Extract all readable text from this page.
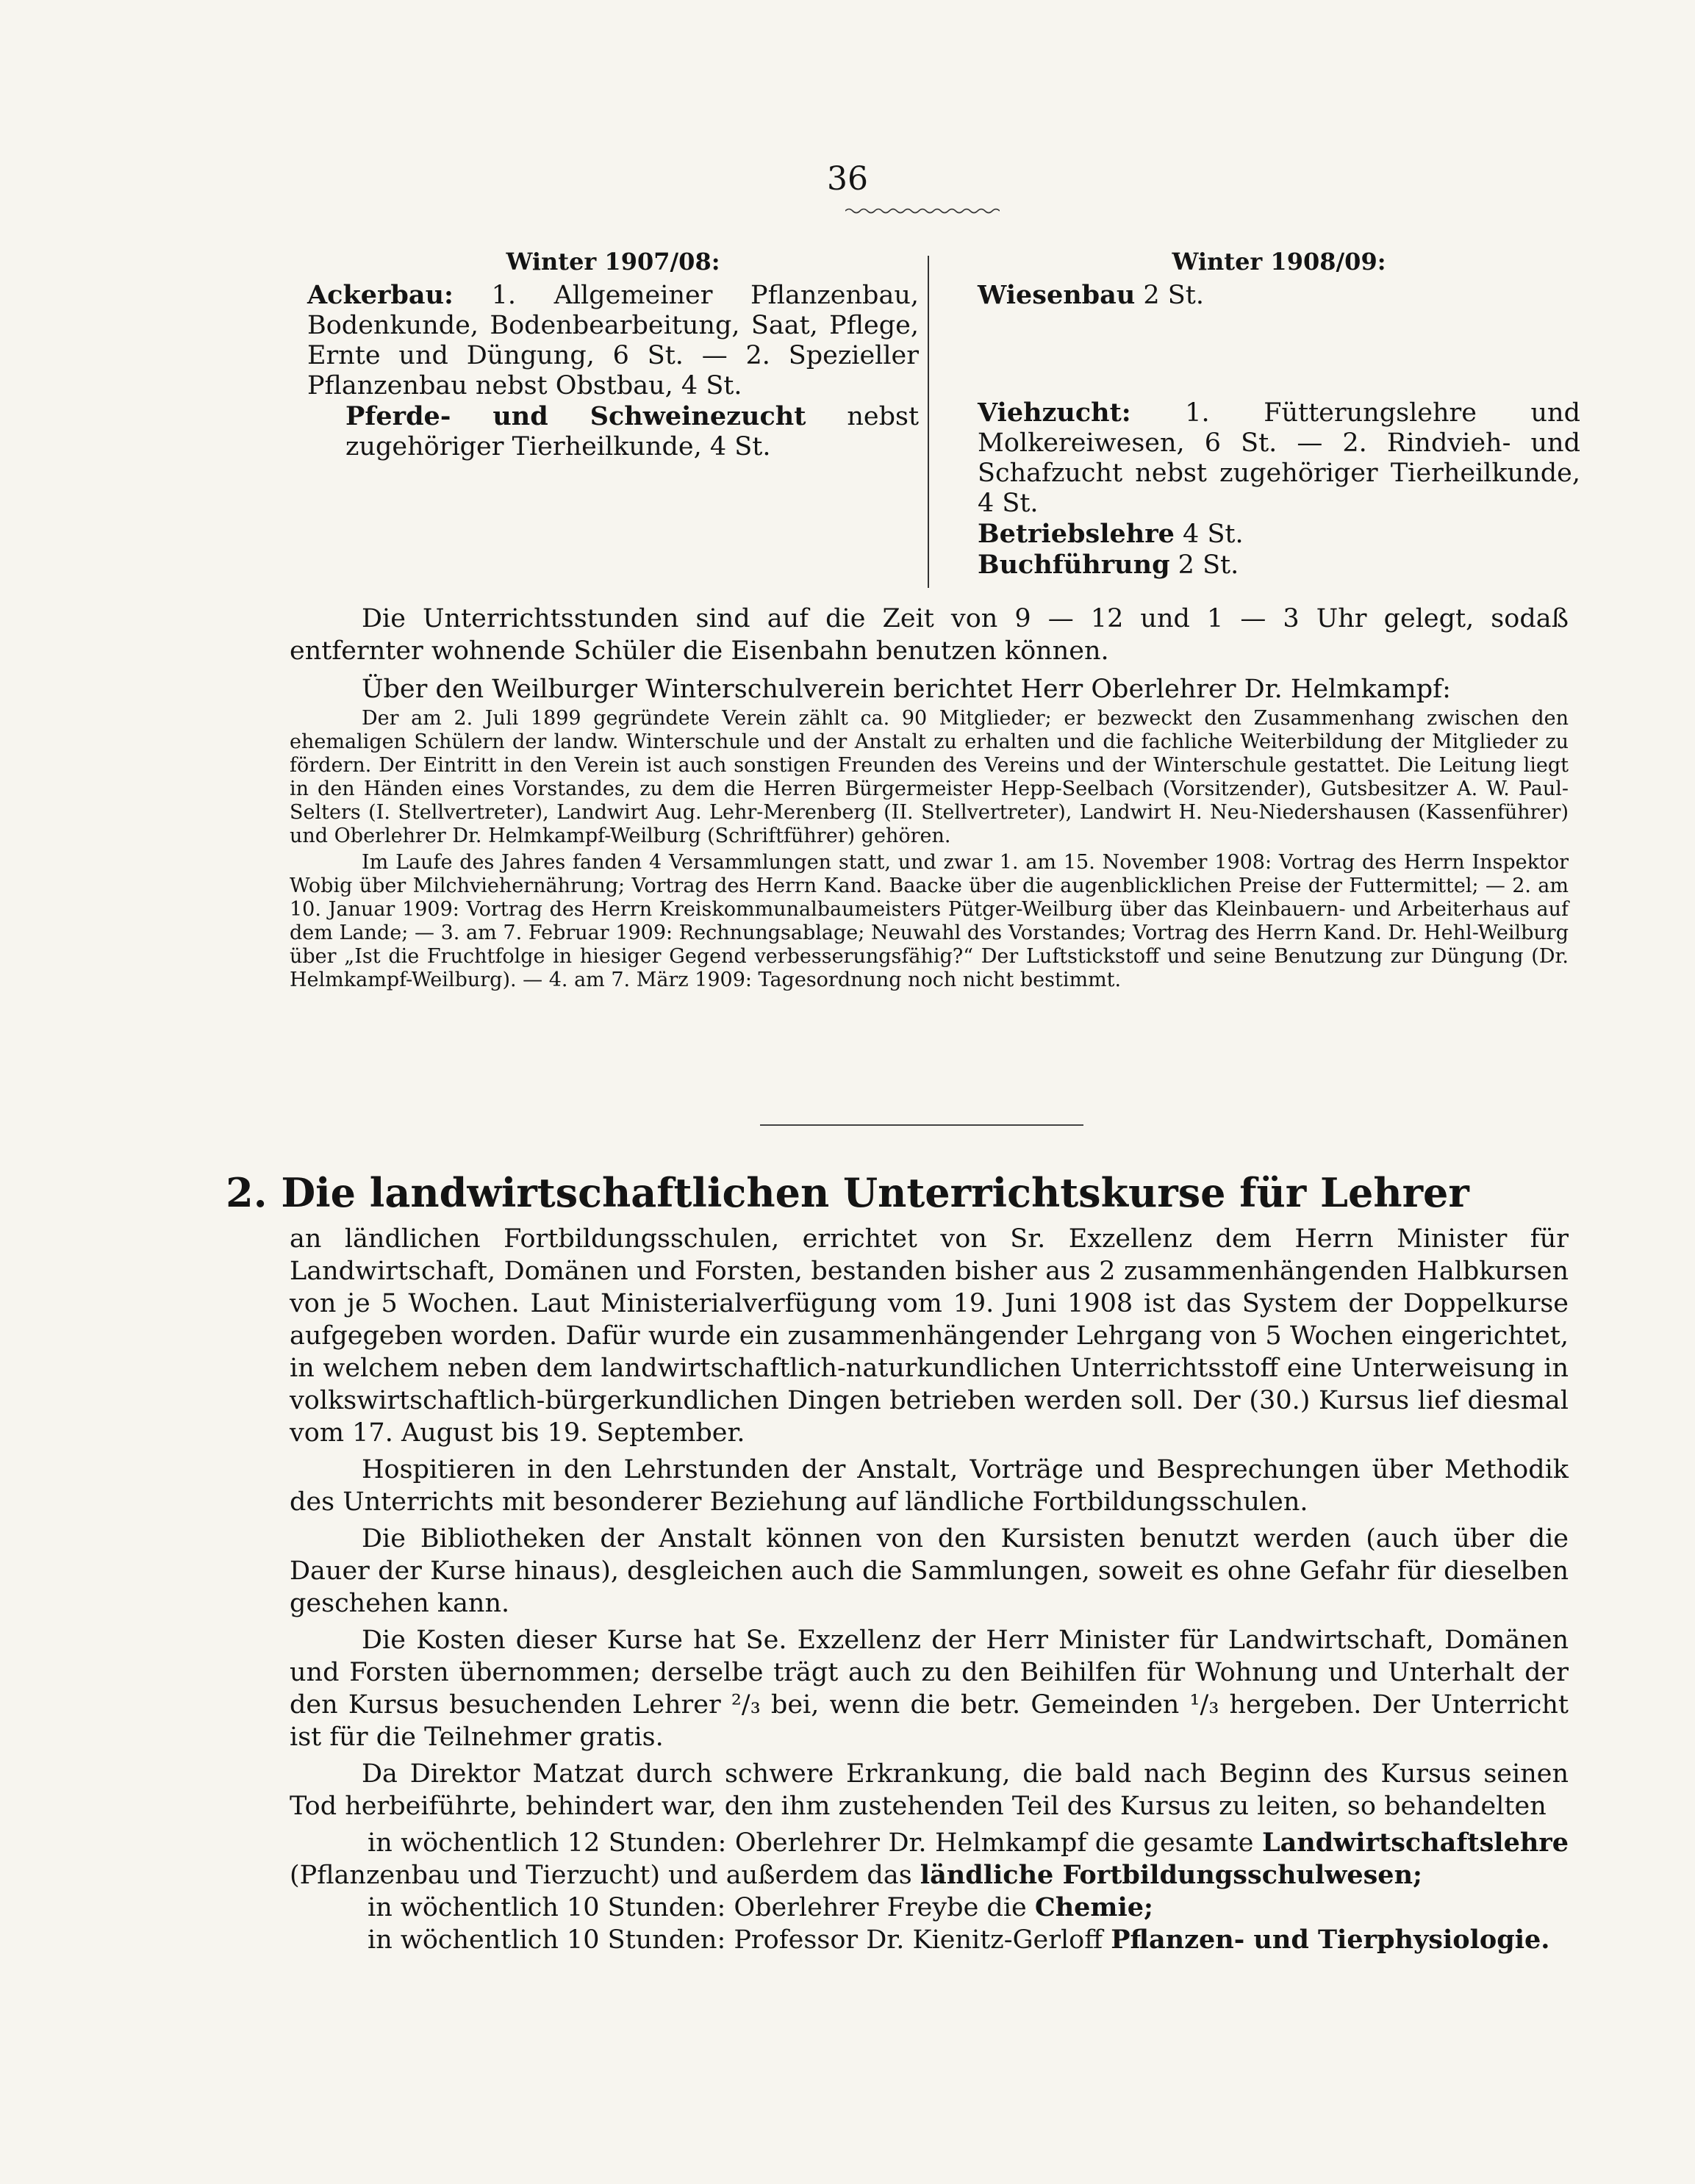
36
Winter 1907/08:

Ackerbau: 1. Allgemeiner Pflanzenbau, Bodenkunde, Bodenbearbeitung, Saat, Pflege, Ernte und Düngung, 6 St. — 2. Spezieller Pflanzenbau nebst Obstbau, 4 St.

Pferde- und Schweinezucht nebst zugehöriger Tierheilkunde, 4 St.

Winter 1908/09:

Wiesenbau 2 St.

Viehzucht: 1. Fütterungslehre und Molkereiwesen, 6 St. — 2. Rindvieh- und Schafzucht nebst zugehöriger Tierheilkunde, 4 St.

Betriebslehre 4 St.

Buchführung 2 St.

Die Unterrichtsstunden sind auf die Zeit von 9 — 12 und 1 — 3 Uhr gelegt, sodaß entfernter wohnende Schüler die Eisenbahn benutzen können.

Über den Weilburger Winterschulverein berichtet Herr Oberlehrer Dr. Helmkampf:

Der am 2. Juli 1899 gegründete Verein zählt ca. 90 Mitglieder; er bezweckt den Zusammenhang zwischen den ehemaligen Schülern der landw. Winterschule und der Anstalt zu erhalten und die fachliche Weiterbildung der Mitglieder zu fördern. Der Eintritt in den Verein ist auch sonstigen Freunden des Vereins und der Winterschule gestattet. Die Leitung liegt in den Händen eines Vorstandes, zu dem die Herren Bürgermeister Hepp-Seelbach (Vorsitzender), Gutsbesitzer A. W. Paul-Selters (I. Stellvertreter), Landwirt Aug. Lehr-Merenberg (II. Stellvertreter), Landwirt H. Neu-Niedershausen (Kassenführer) und Oberlehrer Dr. Helmkampf-Weilburg (Schriftführer) gehören.

Im Laufe des Jahres fanden 4 Versammlungen statt, und zwar 1. am 15. November 1908: Vortrag des Herrn Inspektor Wobig über Milchviehernährung; Vortrag des Herrn Kand. Baacke über die augenblicklichen Preise der Futtermittel; — 2. am 10. Januar 1909: Vortrag des Herrn Kreiskommunalbaumeisters Pütger-Weilburg über das Kleinbauern- und Arbeiterhaus auf dem Lande; — 3. am 7. Februar 1909: Rechnungsablage; Neuwahl des Vorstandes; Vortrag des Herrn Kand. Dr. Hehl-Weilburg über „Ist die Fruchtfolge in hiesiger Gegend verbesserungsfähig?“ Der Luftstickstoff und seine Benutzung zur Düngung (Dr. Helmkampf-Weilburg). — 4. am 7. März 1909: Tagesordnung noch nicht bestimmt.

2. Die landwirtschaftlichen Unterrichtskurse für Lehrer

an ländlichen Fortbildungsschulen, errichtet von Sr. Exzellenz dem Herrn Minister für Landwirtschaft, Domänen und Forsten, bestanden bisher aus 2 zusammenhängenden Halbkursen von je 5 Wochen. Laut Ministerialverfügung vom 19. Juni 1908 ist das System der Doppelkurse aufgegeben worden. Dafür wurde ein zusammenhängender Lehrgang von 5 Wochen eingerichtet, in welchem neben dem landwirtschaftlich-naturkundlichen Unterrichtsstoff eine Unterweisung in volkswirtschaftlich-bürgerkundlichen Dingen betrieben werden soll. Der (30.) Kursus lief diesmal vom 17. August bis 19. September.

Hospitieren in den Lehrstunden der Anstalt, Vorträge und Besprechungen über Methodik des Unterrichts mit besonderer Beziehung auf ländliche Fortbildungsschulen.

Die Bibliotheken der Anstalt können von den Kursisten benutzt werden (auch über die Dauer der Kurse hinaus), desgleichen auch die Sammlungen, soweit es ohne Gefahr für dieselben geschehen kann.

Die Kosten dieser Kurse hat Se. Exzellenz der Herr Minister für Landwirtschaft, Domänen und Forsten übernommen; derselbe trägt auch zu den Beihilfen für Wohnung und Unterhalt der den Kursus besuchenden Lehrer ²/₃ bei, wenn die betr. Gemeinden ¹/₃ hergeben. Der Unterricht ist für die Teilnehmer gratis.

Da Direktor Matzat durch schwere Erkrankung, die bald nach Beginn des Kursus seinen Tod herbeiführte, behindert war, den ihm zustehenden Teil des Kursus zu leiten, so behandelten

in wöchentlich 12 Stunden: Oberlehrer Dr. Helmkampf die gesamte Landwirtschaftslehre (Pflanzenbau und Tierzucht) und außerdem das ländliche Fortbildungsschulwesen;

in wöchentlich 10 Stunden: Oberlehrer Freybe die Chemie;

in wöchentlich 10 Stunden: Professor Dr. Kienitz-Gerloff Pflanzen- und Tierphysiologie.
